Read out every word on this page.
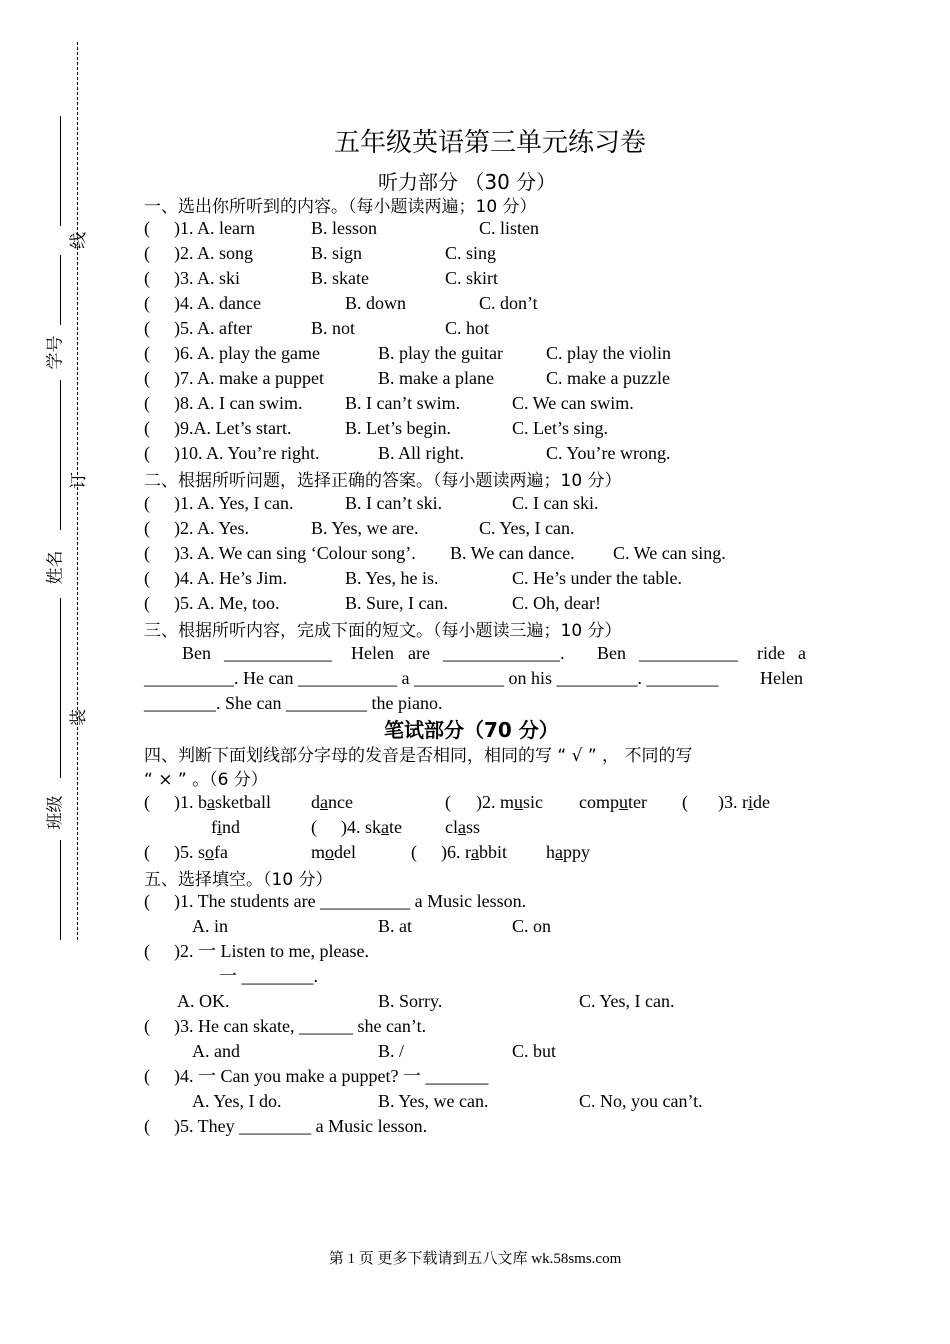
线
学号
订
姓名
装
班级
五年级英语第三单元练习卷
听力部分 （30 分）
一、选出你所听到的内容。（每小题读两遍；10 分）
( )1. A. learn	B. lesson	C. listen
( )2. A. song	B. sign	C. sing
( )3. A. ski	B. skate	C. skirt
( )4. A. dance	B. down	C. don’t
( )5. A. after	B. not	C. hot
( )6. A. play the game	B. play the guitar C. play the violin
( )7. A. make a puppet	B. make a plane	C. make a puzzle
( )8. A. I can swim. B. I can’t swim.	C. We can swim.
( )9.A. Let’s start.	B. Let’s begin.	C. Let’s sing.
( )10. A. You’re right.	B. All right.	C. You’re wrong.
二、根据所听问题，选择正确的答案。（每小题读两遍；10 分）
( )1. A. Yes, I can.	B. I can’t ski.	C. I can ski.
( )2. A. Yes.	B. Yes, we are.	C. Yes, I can.
( )3. A. We can sing ‘Colour song’. B. We can dance. C. We can sing.
( )4. A. He’s Jim.	B. Yes, he is.	C. He’s under the table.
( )5. A. Me, too.	B. Sure, I can.	C. Oh, dear!
三、根据所听内容，完成下面的短文。（每小题读三遍；10 分）
Ben ____________ Helen are _____________. Ben ___________ ride a
__________. He can ___________ a __________ on his _________. ________ Helen
________. She can _________ the piano.
笔试部分（70 分）
四、判断下面划线部分字母的发音是否相同，相同的写 “ √ ” ， 不同的写
“ × ” 。（6 分）
( )1. basketball dance	( )2. music computer ( )3. ride
find	( )4. skate class
( )5. sofa	model	( )6. rabbit happy
五、选择填空。（10 分）
( )1. The students are __________ a Music lesson.
A. in	B. at	C. on
( )2. 一 Listen to me, please.
一 ________.
A. OK.	B. Sorry.	C. Yes, I can.
( )3. He can skate, ______ she can’t.
A. and	B. /	C. but
( )4. 一 Can you make a puppet? 一 _______
A. Yes, I do.	B. Yes, we can.	C. No, you can’t.
( )5. They ________ a Music lesson.
第 1 页 更多下载请到五八文库 wk.58sms.com
